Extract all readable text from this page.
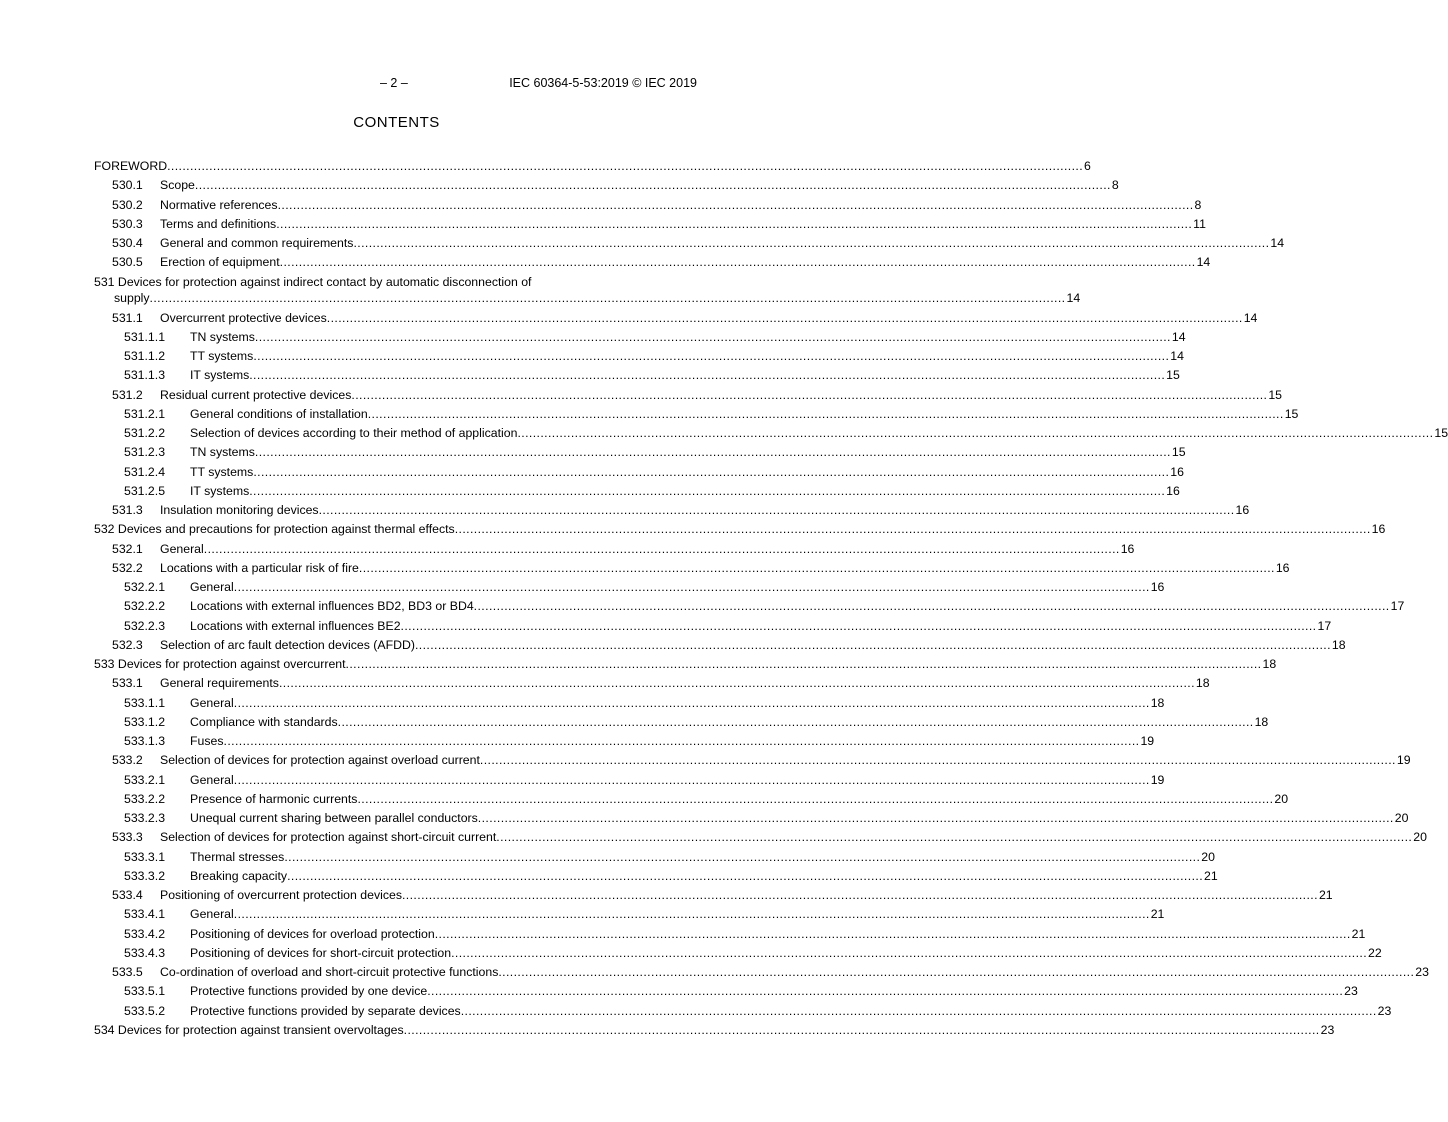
– 2 –	IEC 60364-5-53:2019 © IEC 2019
CONTENTS
FOREWORD ................................................................................................................................................................................................................................................ 6
530.1 Scope ................................................................................................................................................................................................................................................ 8
530.2 Normative references ................................................................................................................................................................................................................................................ 8
530.3 Terms and definitions ................................................................................................................................................................................................................................................ 11
530.4 General and common requirements ................................................................................................................................................................................................................................................ 14
530.5 Erection of equipment ................................................................................................................................................................................................................................................ 14
531 Devices for protection against indirect contact by automatic disconnection of
supply ................................................................................................................................................................................................................................................ 14
531.1 Overcurrent protective devices ................................................................................................................................................................................................................................................ 14
531.1.1 TN systems ................................................................................................................................................................................................................................................ 14
531.1.2 TT systems ................................................................................................................................................................................................................................................ 14
531.1.3 IT systems ................................................................................................................................................................................................................................................ 15
531.2 Residual current protective devices ................................................................................................................................................................................................................................................ 15
531.2.1 General conditions of installation ................................................................................................................................................................................................................................................ 15
531.2.2 Selection of devices according to their method of application ................................................................................................................................................................................................................................................ 15
531.2.3 TN systems ................................................................................................................................................................................................................................................ 15
531.2.4 TT systems ................................................................................................................................................................................................................................................ 16
531.2.5 IT systems ................................................................................................................................................................................................................................................ 16
531.3 Insulation monitoring devices ................................................................................................................................................................................................................................................ 16
532 Devices and precautions for protection against thermal effects ................................................................................................................................................................................................................................................ 16
532.1 General ................................................................................................................................................................................................................................................ 16
532.2 Locations with a particular risk of fire ................................................................................................................................................................................................................................................ 16
532.2.1 General ................................................................................................................................................................................................................................................ 16
532.2.2 Locations with external influences BD2, BD3 or BD4 ................................................................................................................................................................................................................................................ 17
532.2.3 Locations with external influences BE2 ................................................................................................................................................................................................................................................ 17
532.3 Selection of arc fault detection devices (AFDD) ................................................................................................................................................................................................................................................ 18
533 Devices for protection against overcurrent ................................................................................................................................................................................................................................................ 18
533.1 General requirements ................................................................................................................................................................................................................................................ 18
533.1.1 General ................................................................................................................................................................................................................................................ 18
533.1.2 Compliance with standards ................................................................................................................................................................................................................................................ 18
533.1.3 Fuses ................................................................................................................................................................................................................................................ 19
533.2 Selection of devices for protection against overload current ................................................................................................................................................................................................................................................ 19
533.2.1 General ................................................................................................................................................................................................................................................ 19
533.2.2 Presence of harmonic currents ................................................................................................................................................................................................................................................ 20
533.2.3 Unequal current sharing between parallel conductors ................................................................................................................................................................................................................................................ 20
533.3 Selection of devices for protection against short-circuit current ................................................................................................................................................................................................................................................ 20
533.3.1 Thermal stresses ................................................................................................................................................................................................................................................ 20
533.3.2 Breaking capacity ................................................................................................................................................................................................................................................ 21
533.4 Positioning of overcurrent protection devices ................................................................................................................................................................................................................................................ 21
533.4.1 General ................................................................................................................................................................................................................................................ 21
533.4.2 Positioning of devices for overload protection ................................................................................................................................................................................................................................................ 21
533.4.3 Positioning of devices for short-circuit protection ................................................................................................................................................................................................................................................ 22
533.5 Co-ordination of overload and short-circuit protective functions ................................................................................................................................................................................................................................................ 23
533.5.1 Protective functions provided by one device ................................................................................................................................................................................................................................................ 23
533.5.2 Protective functions provided by separate devices ................................................................................................................................................................................................................................................ 23
534 Devices for protection against transient overvoltages ................................................................................................................................................................................................................................................ 23
